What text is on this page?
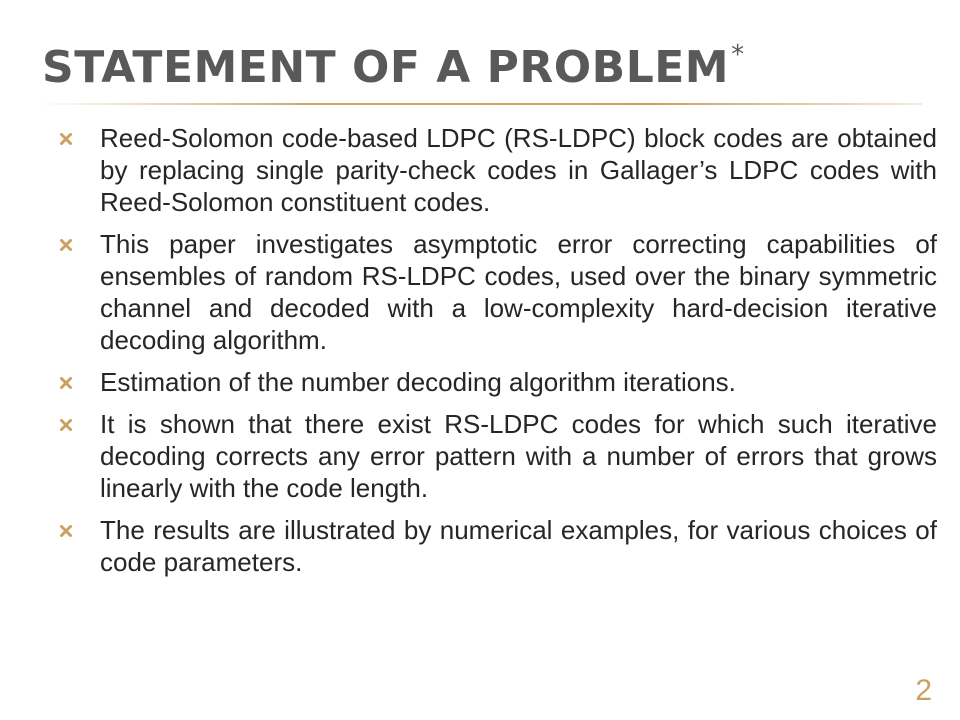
STATEMENT OF A PROBLEM*
Reed-Solomon code-based LDPC (RS-LDPC) block codes are obtained by replacing single parity-check codes in Gallager’s LDPC codes with Reed-Solomon constituent codes.
This paper investigates asymptotic error correcting capabilities of ensembles of random RS-LDPC codes, used over the binary symmetric channel and decoded with a low-complexity hard-decision iterative decoding algorithm.
Estimation of the number decoding algorithm iterations.
It is shown that there exist RS-LDPC codes for which such iterative decoding corrects any error pattern with a number of errors that grows linearly with the code length.
The results are illustrated by numerical examples, for various choices of code parameters.
2
